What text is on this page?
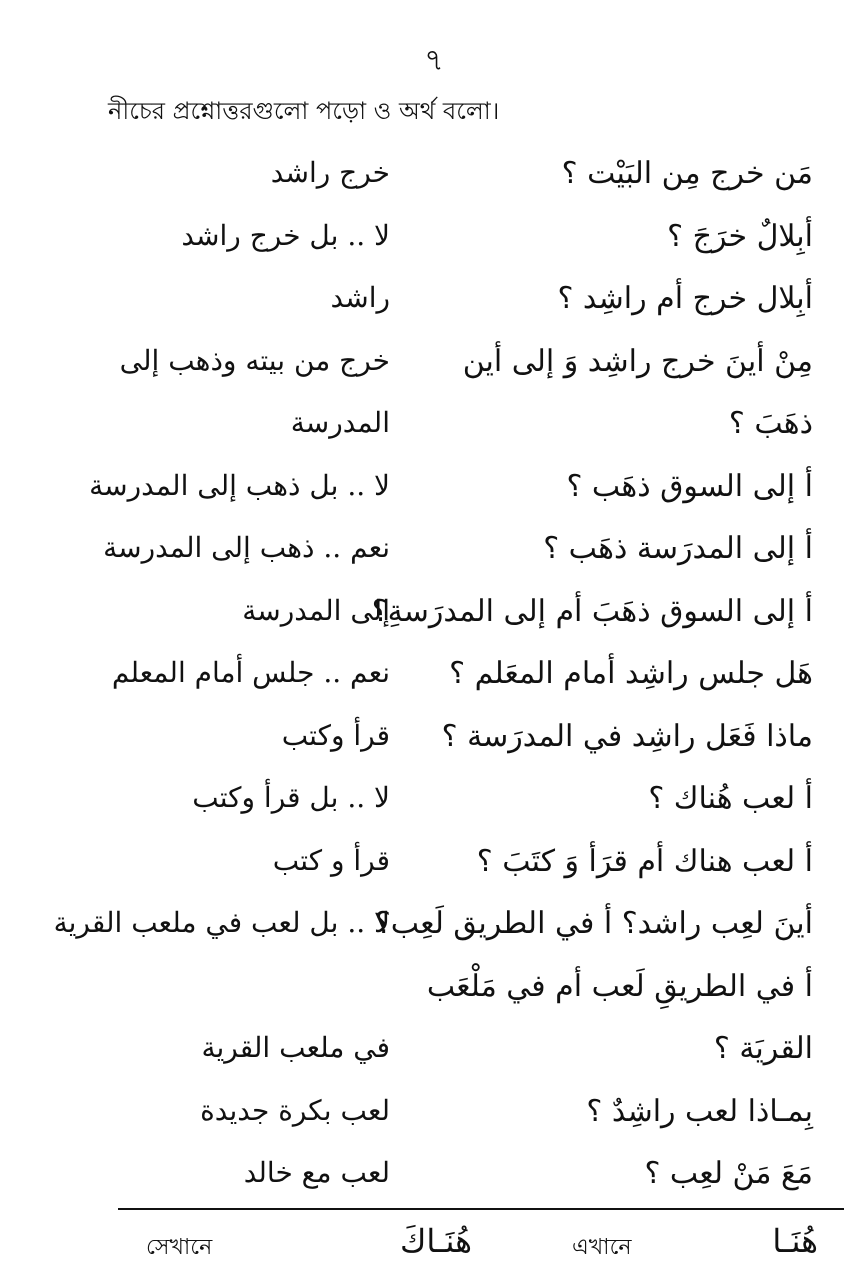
৭
নীচের প্রশ্নোত্তরগুলো পড়ো ও অর্থ বলো।
مَن خرج مِن البَيْت ؟
خرج راشد
أبِلالٌ خرَجَ ؟
لا .. بل خرج راشد
أبِلال خرج أم راشِد ؟
راشد
مِنْ أينَ خرج راشِد وَ إلى أين
خرج من بيته وذهب إلى
ذهَبَ ؟
المدرسة
أ إلى السوق ذهَب ؟
لا .. بل ذهب إلى المدرسة
أ إلى المدرَسة ذهَب ؟
نعم .. ذهب إلى المدرسة
أ إلى السوق ذهَبَ أم إلى المدرَسةِ؟
إلى المدرسة
هَل جلس راشِد أمام المعَلم ؟
نعم .. جلس أمام المعلم
ماذا فَعَل راشِد في المدرَسة ؟
قرأ وكتب
أ لعب هُناك ؟
لا .. بل قرأ وكتب
أ لعب هناك أم قرَأ وَ كتَبَ ؟
قرأ و كتب
أينَ لعِب راشد؟ أ في الطريق لَعِب؟
لا .. بل لعب في ملعب القرية
أ في الطريقِ لَعب أم في مَلْعَب
القريَة ؟
في ملعب القرية
بِمـاذا لعب راشِدٌ ؟
لعب بكرة جديدة
مَعَ مَنْ لعِب ؟
لعب مع خالد
هُنَـا
এখানে
هُنَـاكَ
সেখানে
